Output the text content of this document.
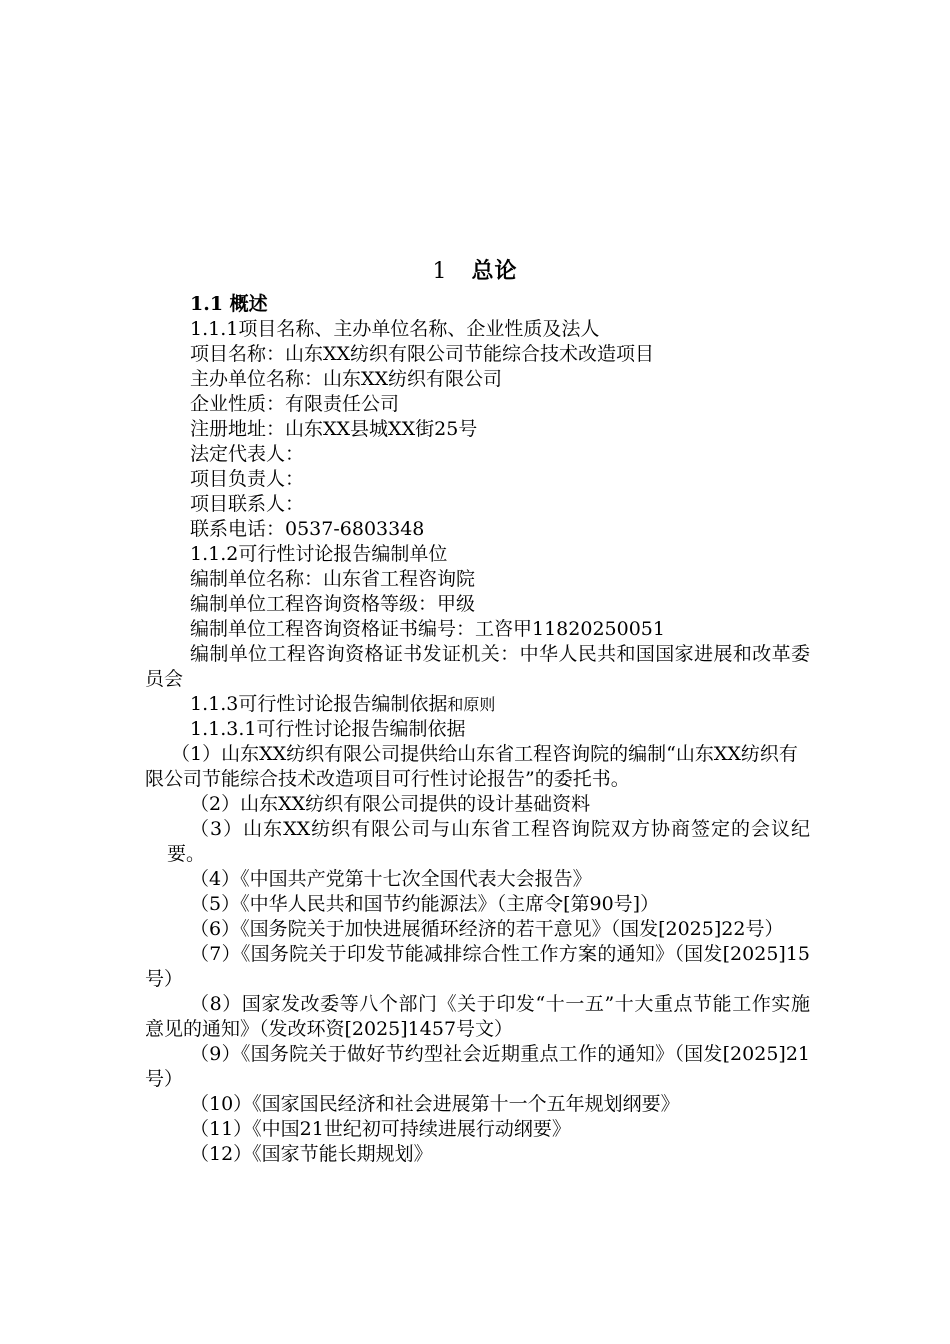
1 总论
1.1 概述
1.1.1项目名称、主办单位名称、企业性质及法人
项目名称：山东XX纺织有限公司节能综合技术改造项目
主办单位名称：山东XX纺织有限公司
企业性质：有限责任公司
注册地址：山东XX县城XX街25号
法定代表人：
项目负责人：
项目联系人：
联系电话：0537-6803348
1.1.2可行性讨论报告编制单位
编制单位名称：山东省工程咨询院
编制单位工程咨询资格等级：甲级
编制单位工程咨询资格证书编号：工咨甲11820250051
编制单位工程咨询资格证书发证机关：中华人民共和国国家进展和改革委员会
1.1.3可行性讨论报告编制依据和原则
1.1.3.1可行性讨论报告编制依据
（1）山东XX纺织有限公司提供给山东省工程咨询院的编制“山东XX纺织有限公司节能综合技术改造项目可行性讨论报告”的委托书。
（2）山东XX纺织有限公司提供的设计基础资料
（3）山东XX纺织有限公司与山东省工程咨询院双方协商签定的会议纪要。
（4）《中国共产党第十七次全国代表大会报告》
（5）《中华人民共和国节约能源法》（主席令[第90号]）
（6）《国务院关于加快进展循环经济的若干意见》（国发[2025]22号）
（7）《国务院关于印发节能减排综合性工作方案的通知》（国发[2025]15号）
（8）国家发改委等八个部门《关于印发“十一五”十大重点节能工作实施意见的通知》（发改环资[2025]1457号文）
（9）《国务院关于做好节约型社会近期重点工作的通知》（国发[2025]21号）
（10）《国家国民经济和社会进展第十一个五年规划纲要》
（11）《中国21世纪初可持续进展行动纲要》
（12）《国家节能长期规划》
